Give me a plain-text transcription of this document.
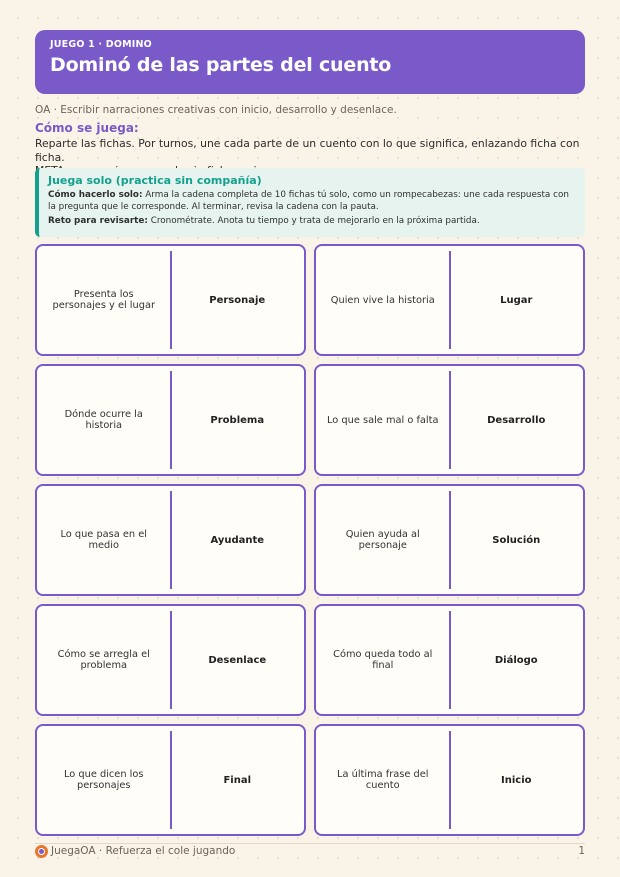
JUEGO 1 · DOMINO
Dominó de las partes del cuento
OA · Escribir narraciones creativas con inicio, desarrollo y desenlace.
Cómo se juega:
Reparte las fichas. Por turnos, une cada parte de un cuento con lo que significa, enlazando ficha con ficha.
Juega solo (practica sin compañía)

Cómo hacerlo solo: Arma la cadena completa de 10 fichas tú solo, como un rompecabezas: une cada respuesta con la pregunta que le corresponde. Al terminar, revisa la cadena con la pauta.

Reto para revisarte: Cronométrate. Anota tu tiempo y trata de mejorarlo en la próxima partida.

Presenta los personajes y el lugar	Personaje	Quien vive la historia	Lugar
Dónde ocurre la historia	Problema	Lo que sale mal o falta	Desarrollo
Lo que pasa en el medio	Ayudante	Quien ayuda al personaje	Solución
Cómo se arregla el problema	Desenlace	Cómo queda todo al final	Diálogo
Lo que dicen los personajes	Final	La última frase del cuento	Inicio
JuegaOA · Refuerza el cole jugando	1
